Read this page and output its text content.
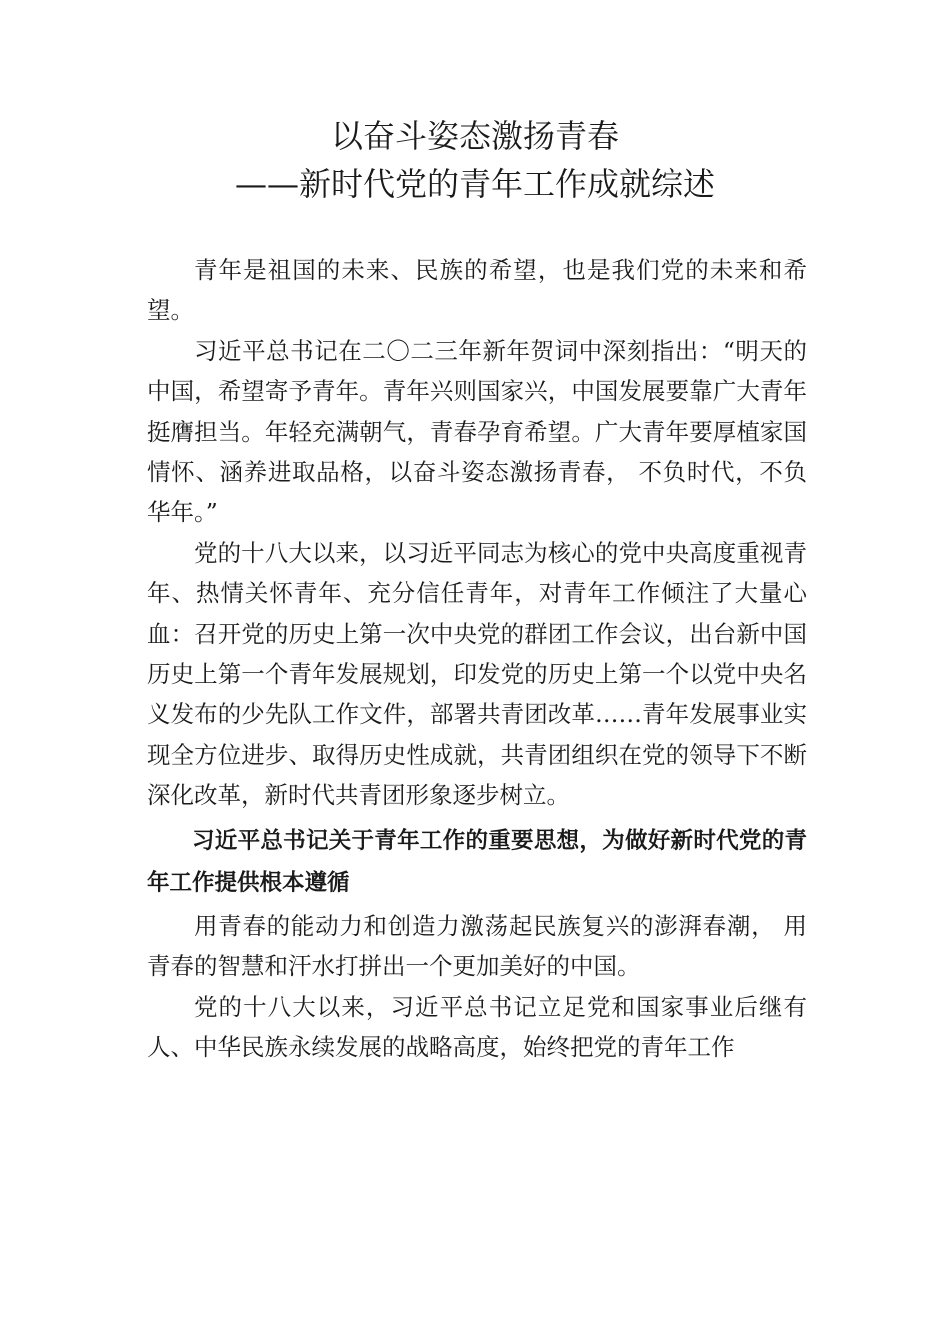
以奋斗姿态激扬青春
——新时代党的青年工作成就综述

青年是祖国的未来、民族的希望，也是我们党的未来和希望。

习近平总书记在二〇二三年新年贺词中深刻指出：“明天的中国，希望寄予青年。青年兴则国家兴，中国发展要靠广大青年挺膺担当。年轻充满朝气，青春孕育希望。广大青年要厚植家国情怀、涵养进取品格，以奋斗姿态激扬青春， 不负时代，不负华年。”

党的十八大以来，以习近平同志为核心的党中央高度重视青年、热情关怀青年、充分信任青年，对青年工作倾注了大量心血：召开党的历史上第一次中央党的群团工作会议，出台新中国历史上第一个青年发展规划，印发党的历史上第一个以党中央名义发布的少先队工作文件，部署共青团改革……青年发展事业实现全方位进步、取得历史性成就，共青团组织在党的领导下不断深化改革，新时代共青团形象逐步树立。

习近平总书记关于青年工作的重要思想，为做好新时代党的青年工作提供根本遵循

用青春的能动力和创造力激荡起民族复兴的澎湃春潮， 用青春的智慧和汗水打拼出一个更加美好的中国。

党的十八大以来，习近平总书记立足党和国家事业后继有人、中华民族永续发展的战略高度，始终把党的青年工作
